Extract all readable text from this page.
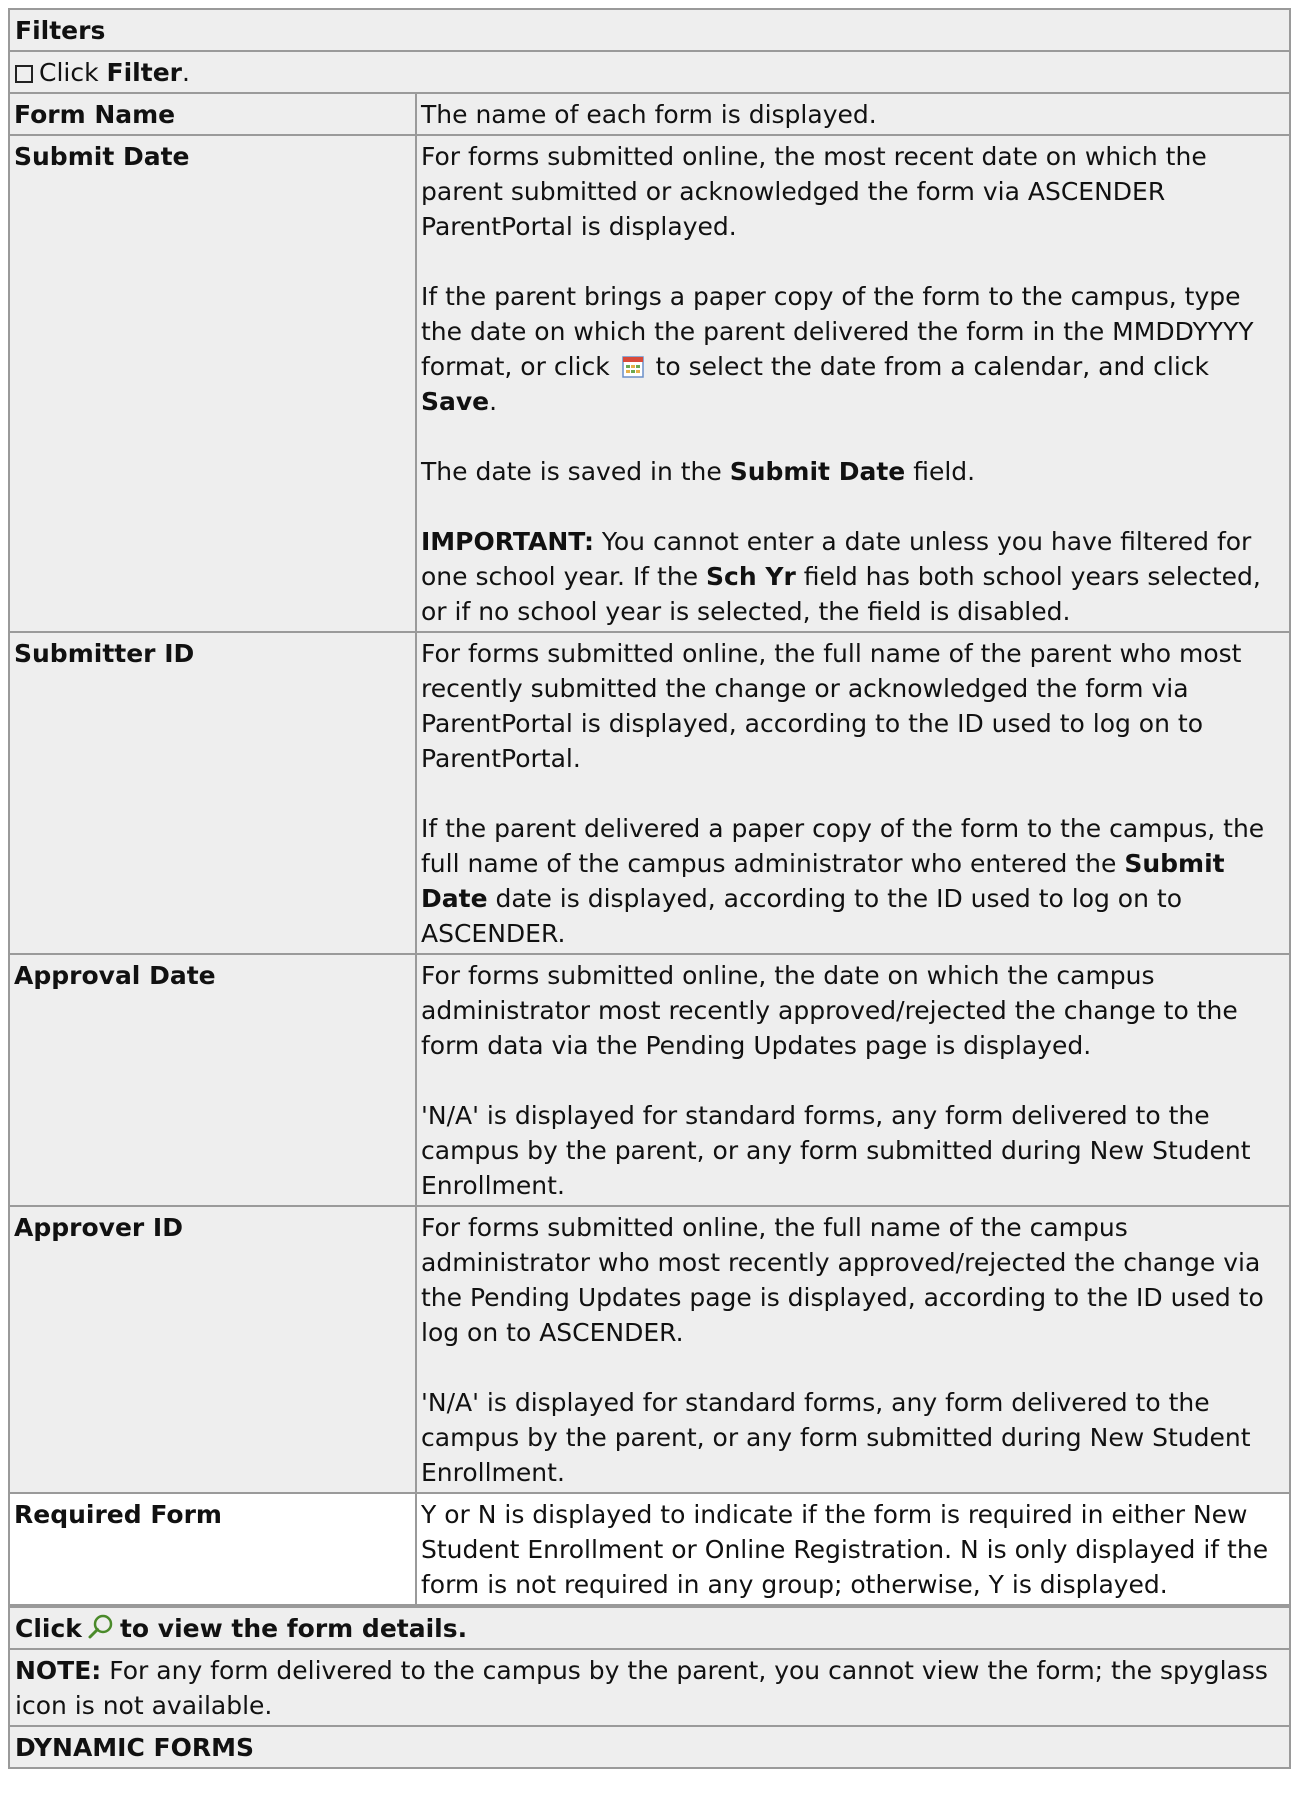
Filters
Click Filter.
Form Name	The name of each form is displayed.
Submit Date	For forms submitted online, the most recent date on which the parent submitted or acknowledged the form via ASCENDER ParentPortal is displayed.

If the parent brings a paper copy of the form to the campus, type the date on which the parent delivered the form in the MMDDYYYY format, or click to select the date from a calendar, and click Save.

The date is saved in the Submit Date field.

IMPORTANT: You cannot enter a date unless you have filtered for one school year. If the Sch Yr field has both school years selected, or if no school year is selected, the field is disabled.

Submitter ID	For forms submitted online, the full name of the parent who most recently submitted the change or acknowledged the form via ParentPortal is displayed, according to the ID used to log on to ParentPortal.

If the parent delivered a paper copy of the form to the campus, the full name of the campus administrator who entered the Submit Date date is displayed, according to the ID used to log on to ASCENDER.

Approval Date	For forms submitted online, the date on which the campus administrator most recently approved/rejected the change to the form data via the Pending Updates page is displayed.

'N/A' is displayed for standard forms, any form delivered to the campus by the parent, or any form submitted during New Student Enrollment.

Approver ID	For forms submitted online, the full name of the campus administrator who most recently approved/rejected the change via the Pending Updates page is displayed, according to the ID used to log on to ASCENDER.

'N/A' is displayed for standard forms, any form delivered to the campus by the parent, or any form submitted during New Student Enrollment.

Required Form	Y or N is displayed to indicate if the form is required in either New Student Enrollment or Online Registration. N is only displayed if the form is not required in any group; otherwise, Y is displayed.
Click to view the form details.
NOTE: For any form delivered to the campus by the parent, you cannot view the form; the spyglass icon is not available.
DYNAMIC FORMS
